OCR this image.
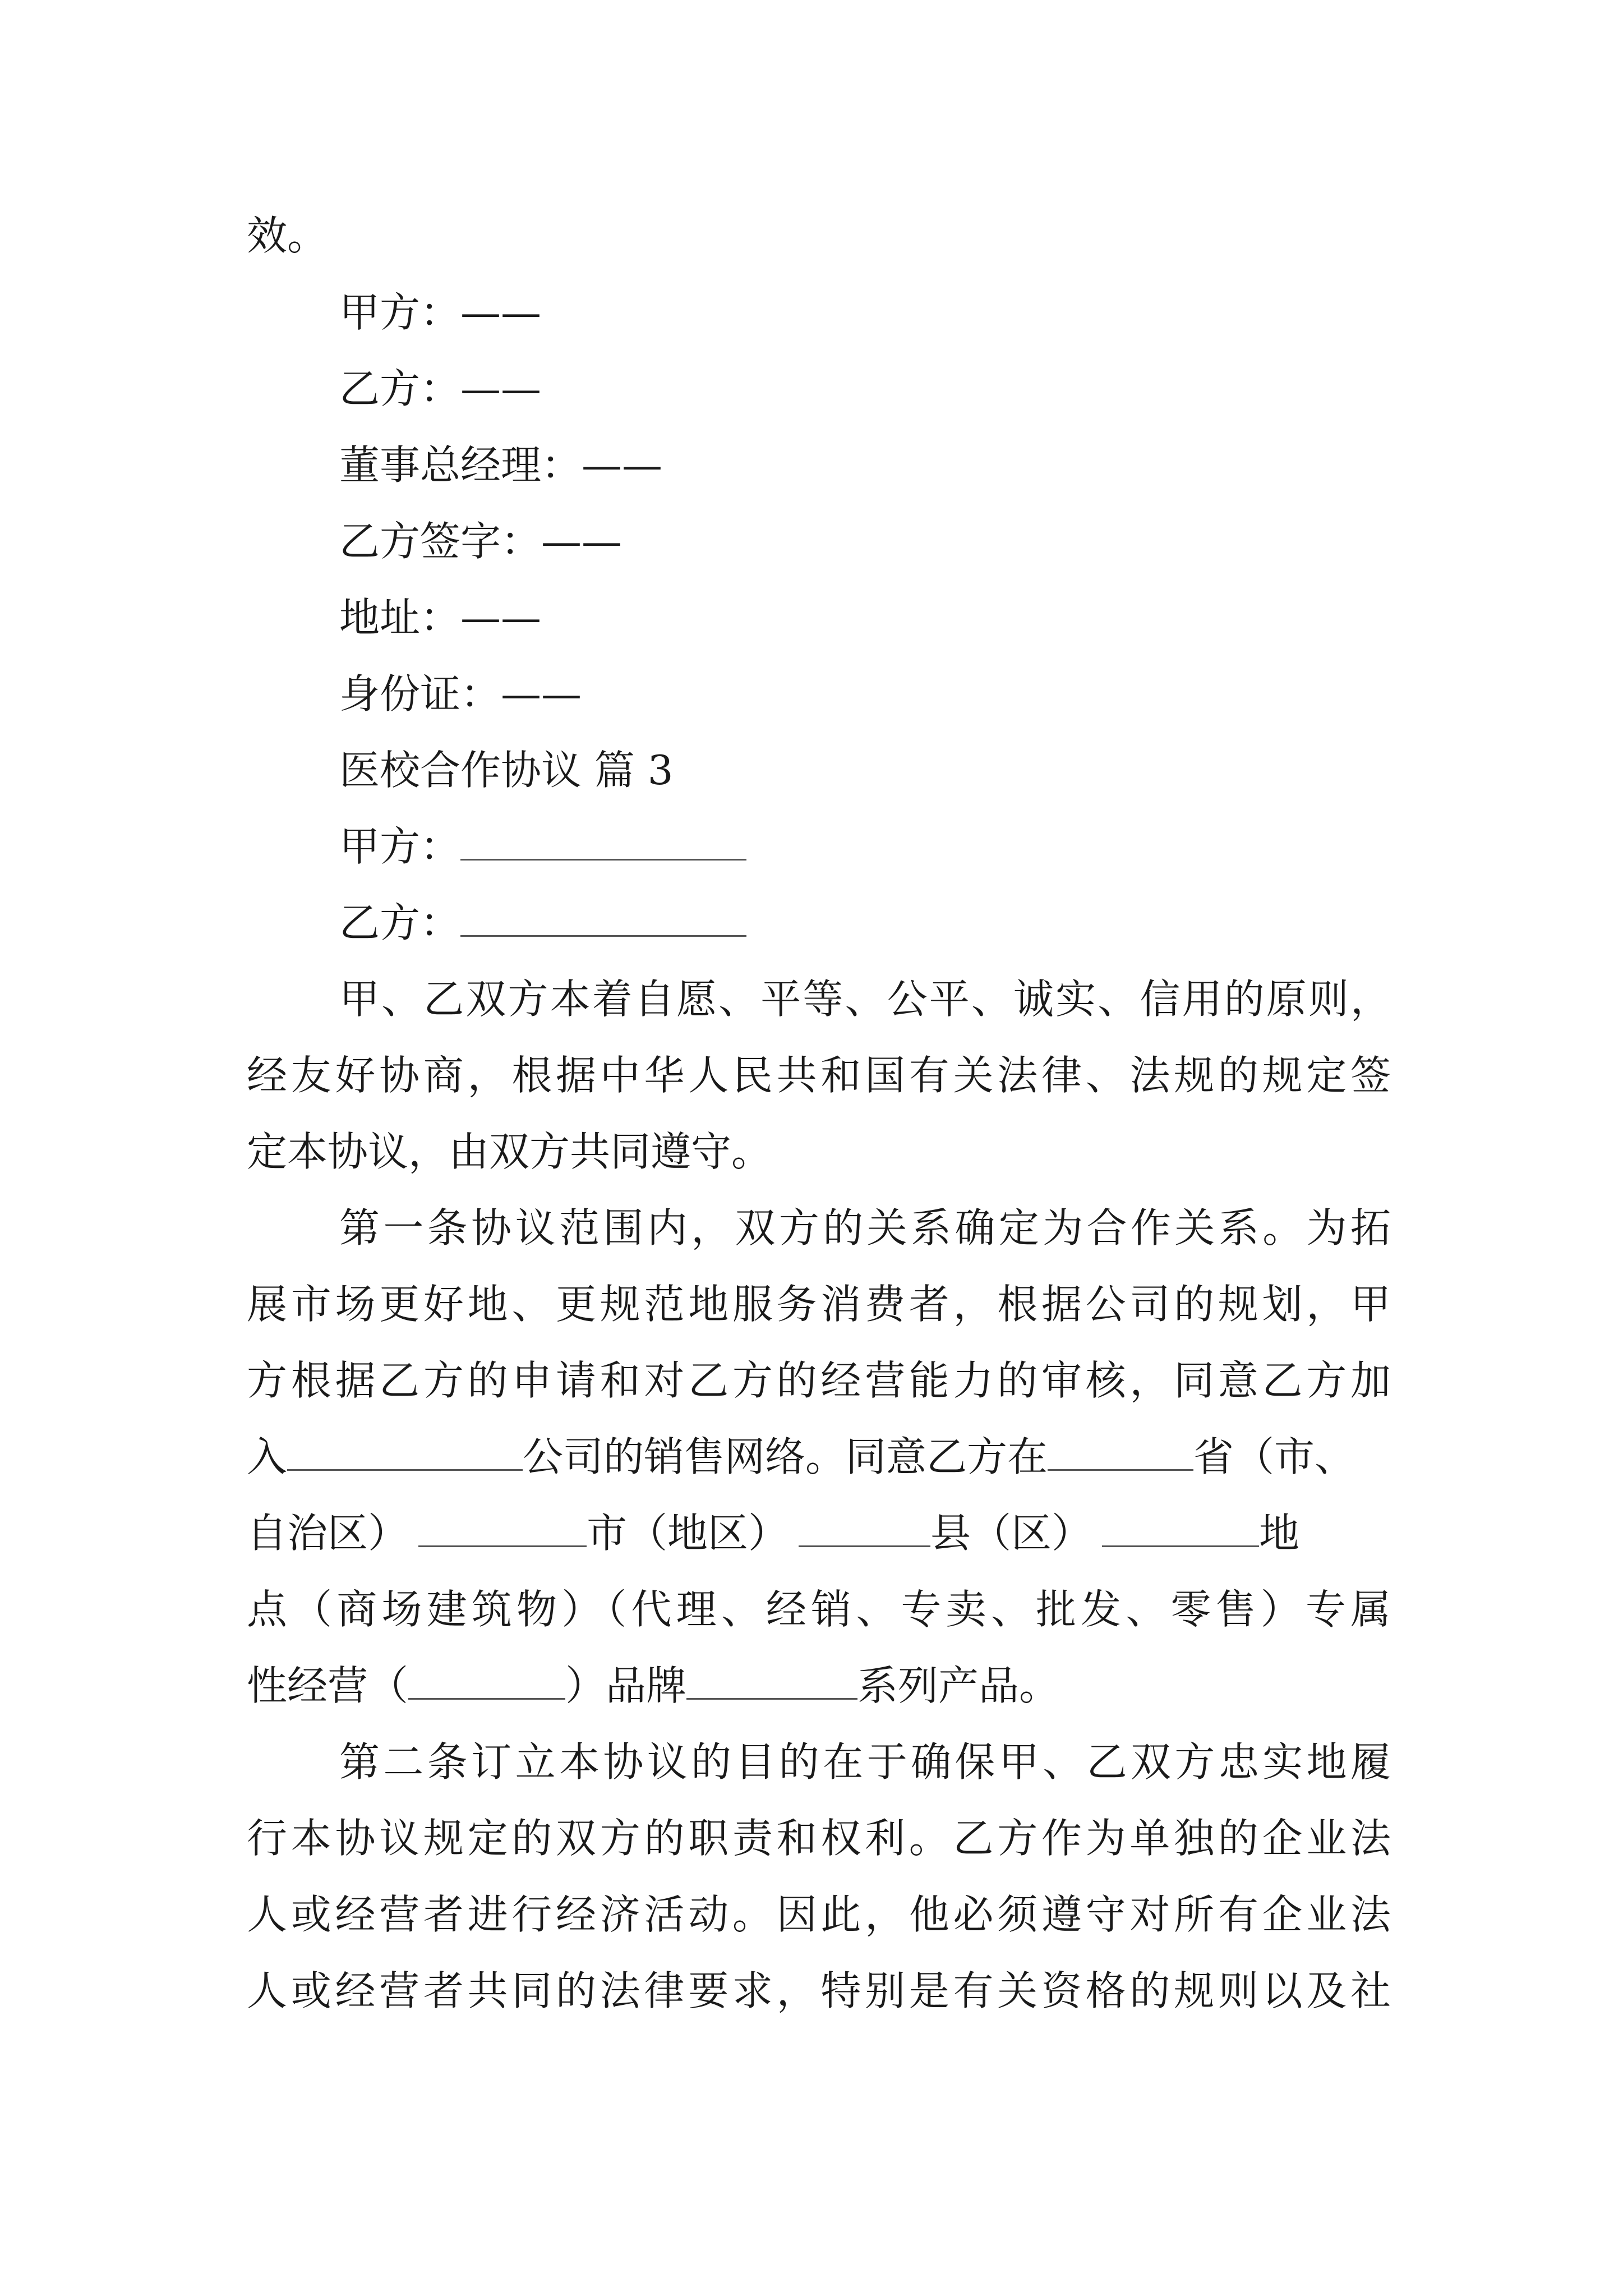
效。
甲方：——
乙方：——
董事总经理：——
乙方签字：——
地址：——
身份证：——
医校合作协议 篇 3
甲方：
乙方：
甲、乙双方本着自愿、平等、公平、诚实、信用的原则，
经友好协商，根据中华人民共和国有关法律、法规的规定签
定本协议，由双方共同遵守。
第一条协议范围内，双方的关系确定为合作关系。为拓
展市场更好地、更规范地服务消费者，根据公司的规划，甲
方根据乙方的申请和对乙方的经营能力的审核，同意乙方加
入	公司的销售网络。同意乙方在	省（市、
自治区）	市（地区）	县（区）	地
点（商场建筑物）（代理、经销、专卖、批发、零售）专属
性经营（	）品牌	系列产品。
第二条订立本协议的目的在于确保甲、乙双方忠实地履
行本协议规定的双方的职责和权利。乙方作为单独的企业法
人或经营者进行经济活动。因此，他必须遵守对所有企业法
人或经营者共同的法律要求，特别是有关资格的规则以及社
